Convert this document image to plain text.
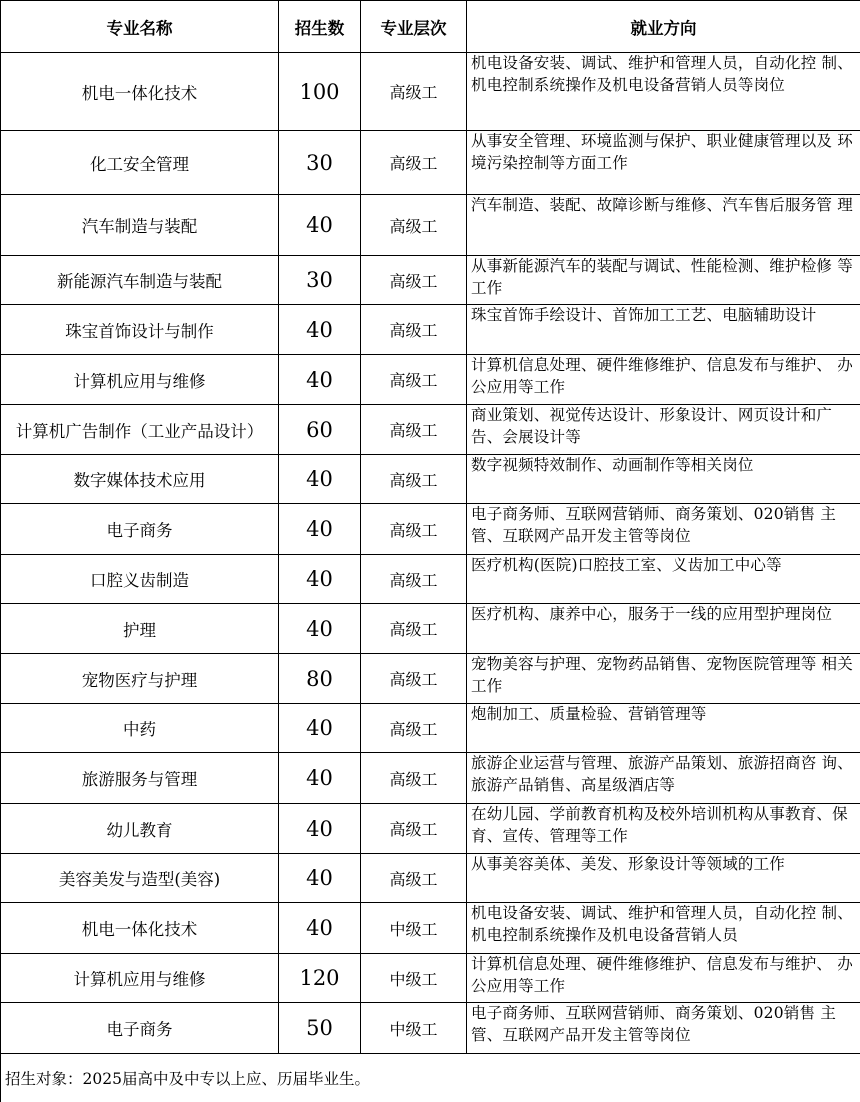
专业名称	招生数	专业层次	就业方向
机电一体化技术	100	高级工	机电设备安装、调试、维护和管理人员，自动化控 制、机电控制系统操作及机电设备营销人员等岗位
化工安全管理	30	高级工	从事安全管理、环境监测与保护、职业健康管理以及 环境污染控制等方面工作
汽车制造与装配	40	高级工	汽车制造、装配、故障诊断与维修、汽车售后服务管 理
新能源汽车制造与装配	30	高级工	从事新能源汽车的装配与调试、性能检测、维护检修 等工作
珠宝首饰设计与制作	40	高级工	珠宝首饰手绘设计、首饰加工工艺、电脑辅助设计
计算机应用与维修	40	高级工	计算机信息处理、硬件维修维护、信息发布与维护、 办公应用等工作
计算机广告制作（工业产品设计）	60	高级工	商业策划、视觉传达设计、形象设计、网页设计和广 告、会展设计等
数字媒体技术应用	40	高级工	数字视频特效制作、动画制作等相关岗位
电子商务	40	高级工	电子商务师、互联网营销师、商务策划、020销售 主管、互联网产品开发主管等岗位
口腔义齿制造	40	高级工	医疗机构(医院)口腔技工室、义齿加工中心等
护理	40	高级工	医疗机构、康养中心，服务于一线的应用型护理岗位
宠物医疗与护理	80	高级工	宠物美容与护理、宠物药品销售、宠物医院管理等 相关工作
中药	40	高级工	炮制加工、质量检验、营销管理等
旅游服务与管理	40	高级工	旅游企业运营与管理、旅游产品策划、旅游招商咨 询、旅游产品销售、高星级酒店等
幼儿教育	40	高级工	在幼儿园、学前教育机构及校外培训机构从事教育、保育、宣传、管理等工作
美容美发与造型(美容)	40	高级工	从事美容美体、美发、形象设计等领域的工作
机电一体化技术	40	中级工	机电设备安装、调试、维护和管理人员，自动化控 制、机电控制系统操作及机电设备营销人员
计算机应用与维修	120	中级工	计算机信息处理、硬件维修维护、信息发布与维护、 办公应用等工作
电子商务	50	中级工	电子商务师、互联网营销师、商务策划、020销售 主管、互联网产品开发主管等岗位
招生对象：2025届高中及中专以上应、历届毕业生。			
